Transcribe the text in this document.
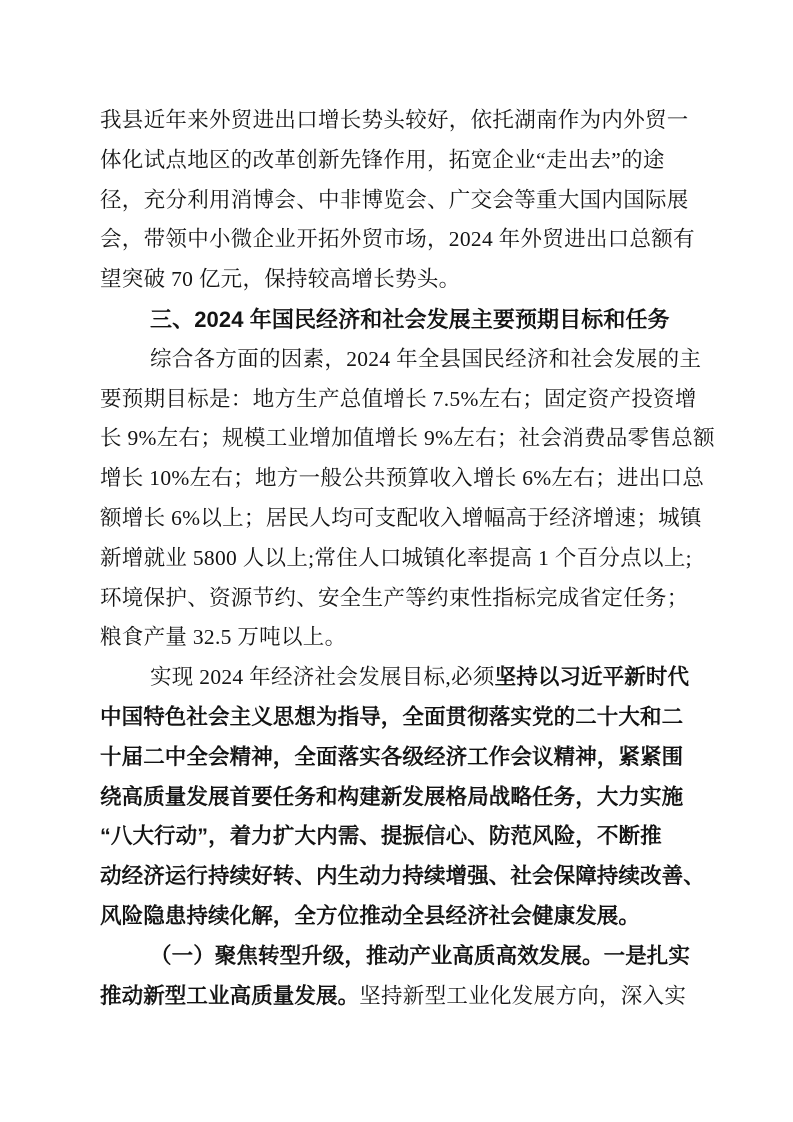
我县近年来外贸进出口增长势头较好，依托湖南作为内外贸一
体化试点地区的改革创新先锋作用，拓宽企业“走出去”的途
径，充分利用消博会、中非博览会、广交会等重大国内国际展
会，带领中小微企业开拓外贸市场，2024 年外贸进出口总额有
望突破 70 亿元，保持较高增长势头。
三、2024 年国民经济和社会发展主要预期目标和任务
综合各方面的因素，2024 年全县国民经济和社会发展的主
要预期目标是：地方生产总值增长 7.5%左右；固定资产投资增
长 9%左右；规模工业增加值增长 9%左右；社会消费品零售总额
增长 10%左右；地方一般公共预算收入增长 6%左右；进出口总
额增长 6%以上；居民人均可支配收入增幅高于经济增速；城镇
新增就业 5800 人以上;常住人口城镇化率提高 1 个百分点以上;
环境保护、资源节约、安全生产等约束性指标完成省定任务；
粮食产量 32.5 万吨以上。
实现 2024 年经济社会发展目标,必须坚持以习近平新时代
中国特色社会主义思想为指导，全面贯彻落实党的二十大和二
十届二中全会精神，全面落实各级经济工作会议精神，紧紧围
绕高质量发展首要任务和构建新发展格局战略任务，大力实施
“八大行动”，着力扩大内需、提振信心、防范风险，不断推
动经济运行持续好转、内生动力持续增强、社会保障持续改善、
风险隐患持续化解，全方位推动全县经济社会健康发展。
（一）聚焦转型升级，推动产业高质高效发展。一是扎实
推动新型工业高质量发展。坚持新型工业化发展方向，深入实
